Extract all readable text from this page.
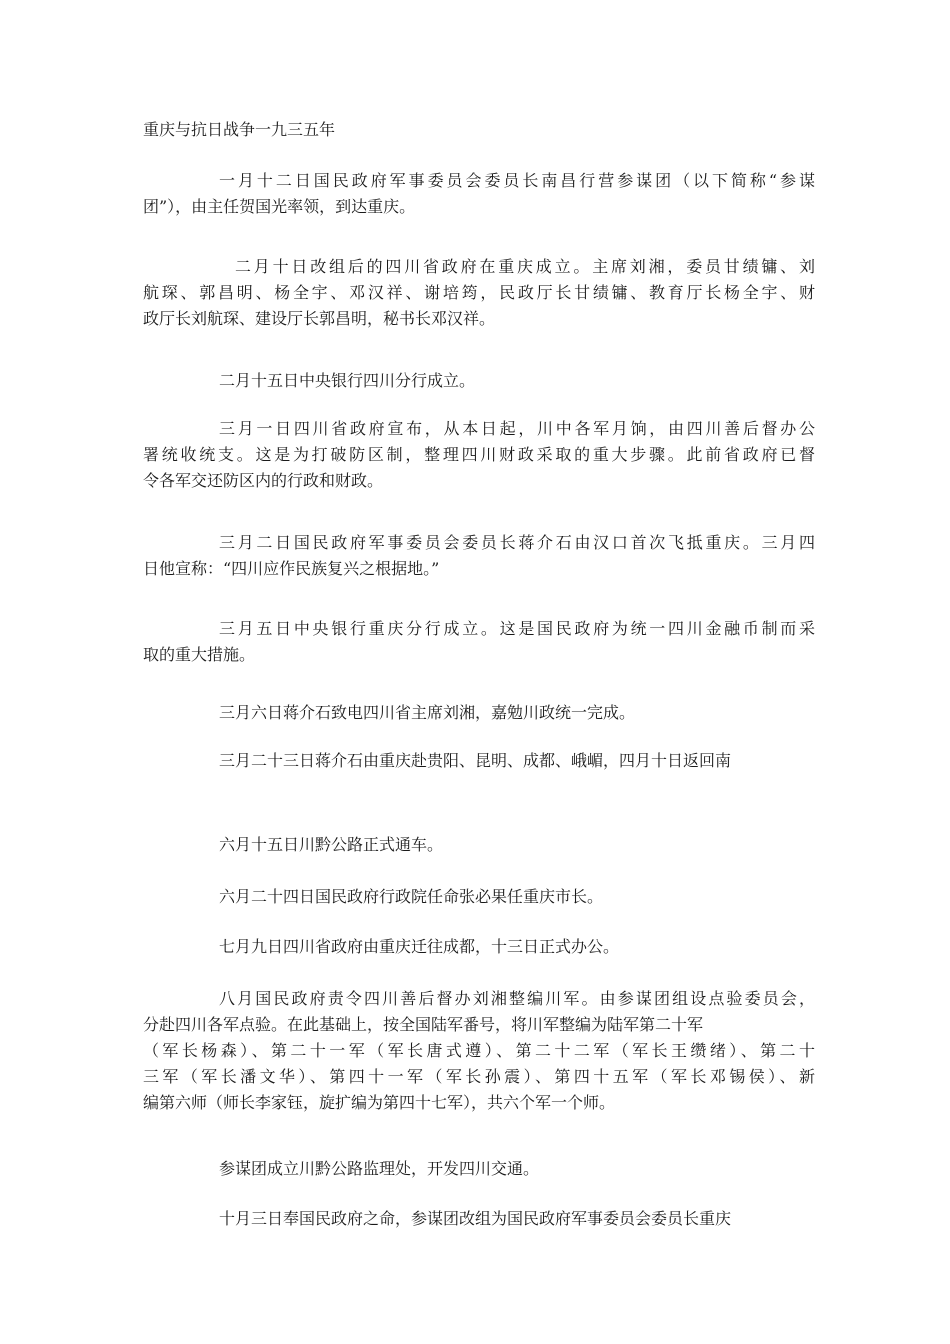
重庆与抗日战争一九三五年
一月十二日国民政府军事委员会委员长南昌行营参谋团（以下简称“参谋
团”），由主任贺国光率领，到达重庆。
二月十日改组后的四川省政府在重庆成立。主席刘湘，委员甘绩镛、刘
航琛、郭昌明、杨全宇、邓汉祥、谢培筠，民政厅长甘绩镛、教育厅长杨全宇、财
政厅长刘航琛、建设厅长郭昌明，秘书长邓汉祥。
二月十五日中央银行四川分行成立。
三月一日四川省政府宣布，从本日起，川中各军月饷，由四川善后督办公
署统收统支。这是为打破防区制，整理四川财政采取的重大步骤。此前省政府已督
令各军交还防区内的行政和财政。
三月二日国民政府军事委员会委员长蒋介石由汉口首次飞抵重庆。三月四
日他宣称：“四川应作民族复兴之根据地。”
三月五日中央银行重庆分行成立。这是国民政府为统一四川金融币制而采
取的重大措施。
三月六日蒋介石致电四川省主席刘湘，嘉勉川政统一完成。
三月二十三日蒋介石由重庆赴贵阳、昆明、成都、峨嵋，四月十日返回南
六月十五日川黔公路正式通车。
六月二十四日国民政府行政院任命张必果任重庆市长。
七月九日四川省政府由重庆迁往成都，十三日正式办公。
八月国民政府责令四川善后督办刘湘整编川军。由参谋团组设点验委员会，
分赴四川各军点验。在此基础上，按全国陆军番号，将川军整编为陆军第二十军
（军长杨森）、第二十一军（军长唐式遵）、第二十二军（军长王缵绪）、第二十
三军（军长潘文华）、第四十一军（军长孙震）、第四十五军（军长邓锡侯）、新
编第六师（师长李家钰，旋扩编为第四十七军），共六个军一个师。
参谋团成立川黔公路监理处，开发四川交通。
十月三日奉国民政府之命，参谋团改组为国民政府军事委员会委员长重庆
